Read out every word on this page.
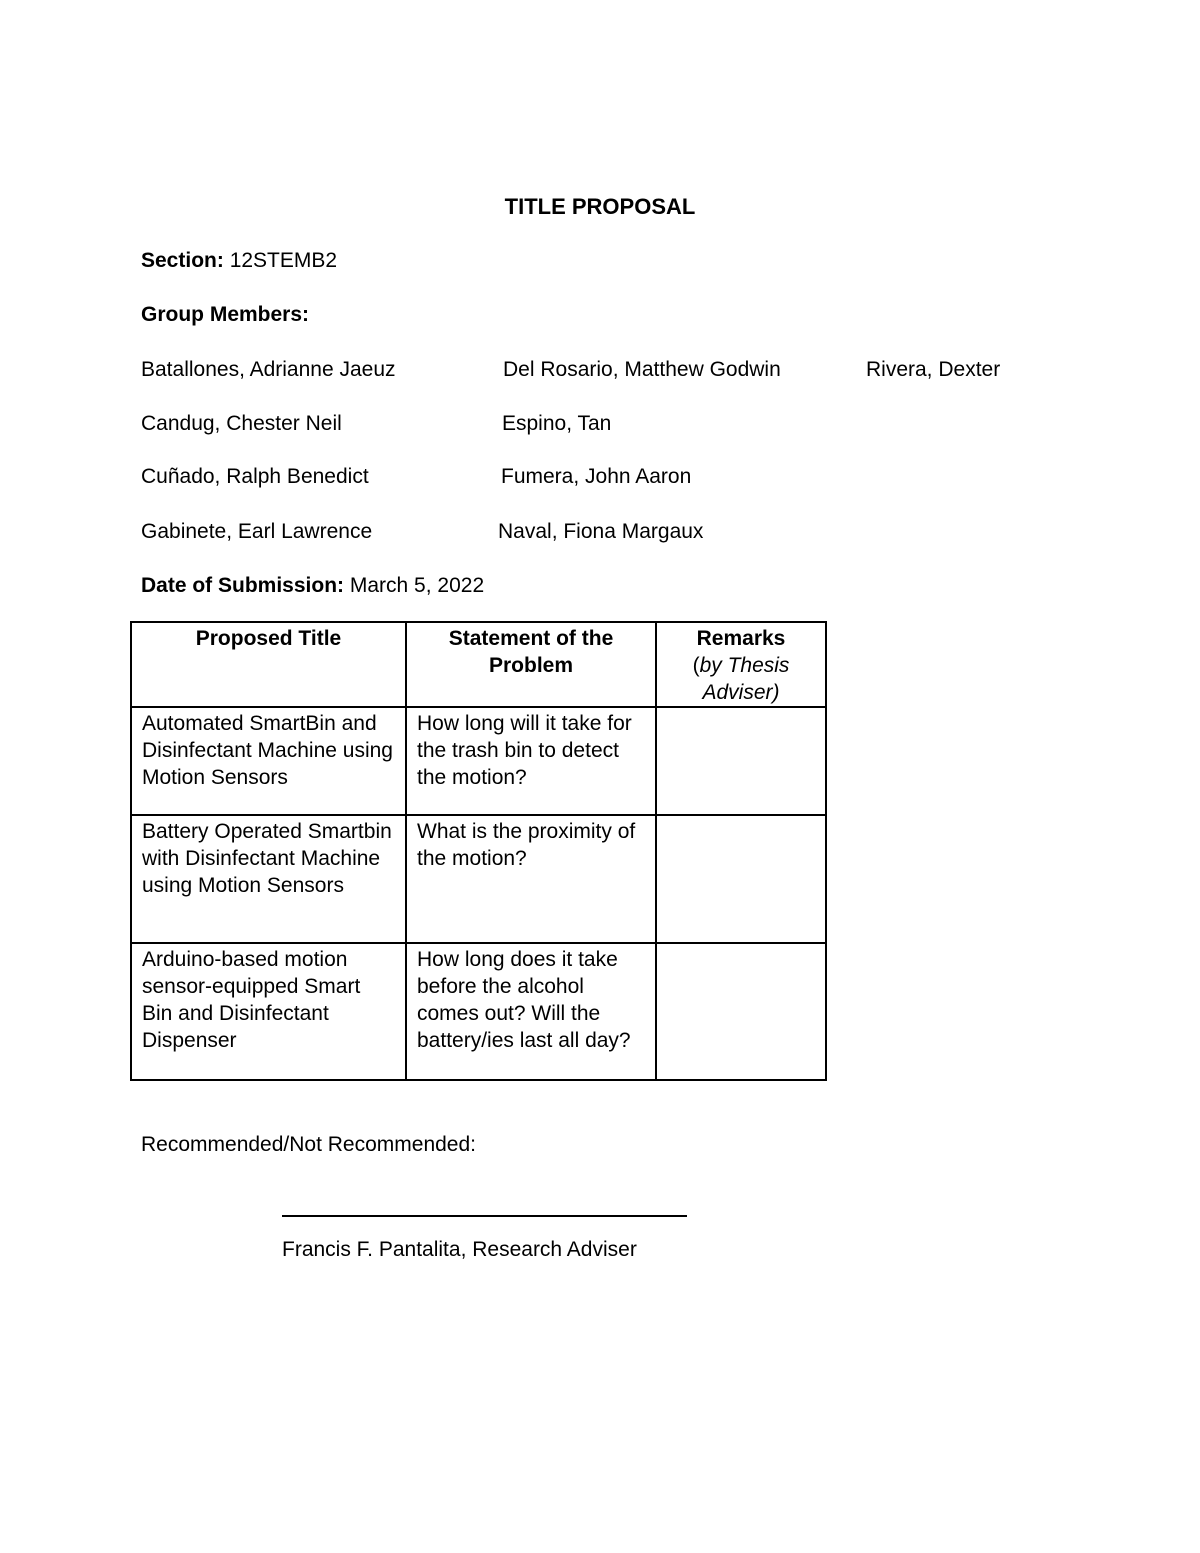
TITLE PROPOSAL
Section: 12STEMB2
Group Members:
Batallones, Adrianne Jaeuz	Del Rosario, Matthew Godwin	Rivera, Dexter
Candug, Chester Neil	Espino, Tan
Cuñado, Ralph Benedict	Fumera, John Aaron
Gabinete, Earl Lawrence	Naval, Fiona Margaux
Date of Submission: March 5, 2022
Proposed Title	Statement of the Problem	Remarks
(by Thesis Adviser)

Automated SmartBin and Disinfectant Machine using Motion Sensors	How long will it take for the trash bin to detect the motion?	
Battery Operated Smartbin with Disinfectant Machine using Motion Sensors	What is the proximity of the motion?	
Arduino-based motion sensor-equipped Smart Bin and Disinfectant Dispenser	How long does it take before the alcohol comes out? Will the battery/ies last all day?	
Recommended/Not Recommended:
Francis F. Pantalita, Research Adviser
